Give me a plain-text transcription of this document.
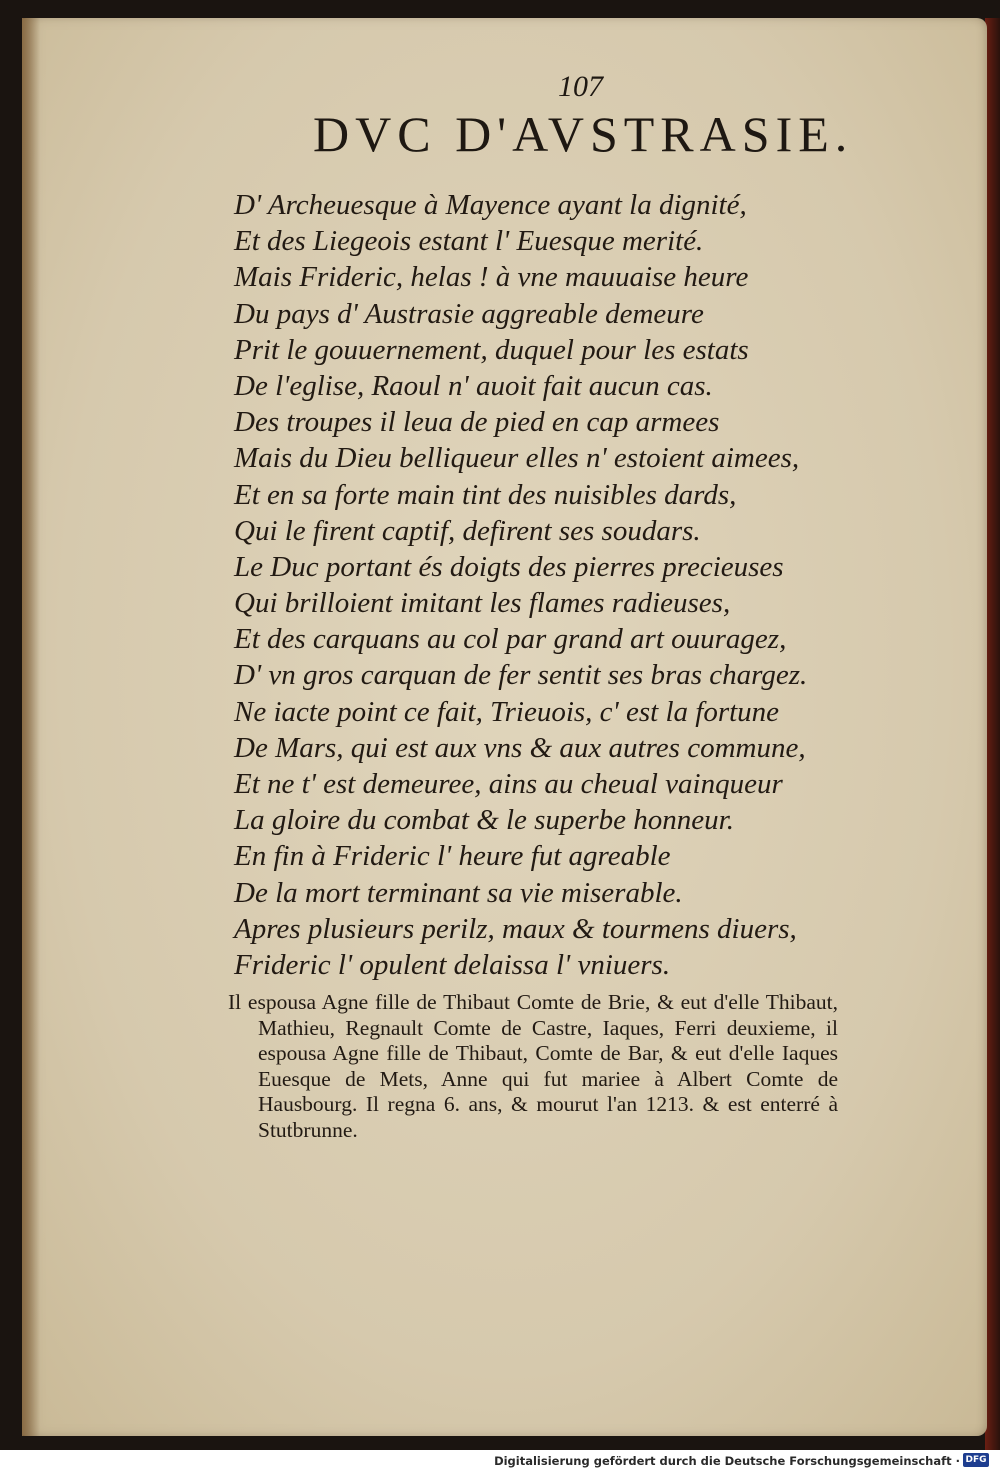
107
DVC D'AVSTRASIE.
D' Archeuesque à Mayence ayant la dignité,
Et des Liegeois estant l' Euesque merité.
Mais Frideric, helas ! à vne mauuaise heure
Du pays d' Austrasie aggreable demeure
Prit le gouuernement, duquel pour les estats
De l'eglise, Raoul n' auoit fait aucun cas.
Des troupes il leua de pied en cap armees
Mais du Dieu belliqueur elles n' estoient aimees,
Et en sa forte main tint des nuisibles dards,
Qui le firent captif, defirent ses soudars.
Le Duc portant és doigts des pierres precieuses
Qui brilloient imitant les flames radieuses,
Et des carquans au col par grand art ouuragez,
D' vn gros carquan de fer sentit ses bras chargez.
Ne iacte point ce fait, Trieuois, c' est la fortune
De Mars, qui est aux vns & aux autres commune,
Et ne t' est demeuree, ains au cheual vainqueur
La gloire du combat & le superbe honneur.
En fin à Frideric l' heure fut agreable
De la mort terminant sa vie miserable.
Apres plusieurs perilz, maux & tourmens diuers,
Frideric l' opulent delaissa l' vniuers.

Il espousa Agne fille de Thibaut Comte de Brie, & eut d'elle Thibaut, Mathieu, Regnault Comte de Castre, Iaques, Ferri deuxieme, il espousa Agne fille de Thibaut, Comte de Bar, & eut d'elle Iaques Euesque de Mets, Anne qui fut mariee à Albert Comte de Hausbourg. Il regna 6. ans, & mourut l'an 1213. & est enterré à Stutbrunne.

Digitalisierung gefördert durch die Deutsche Forschungsgemeinschaft · DFG
